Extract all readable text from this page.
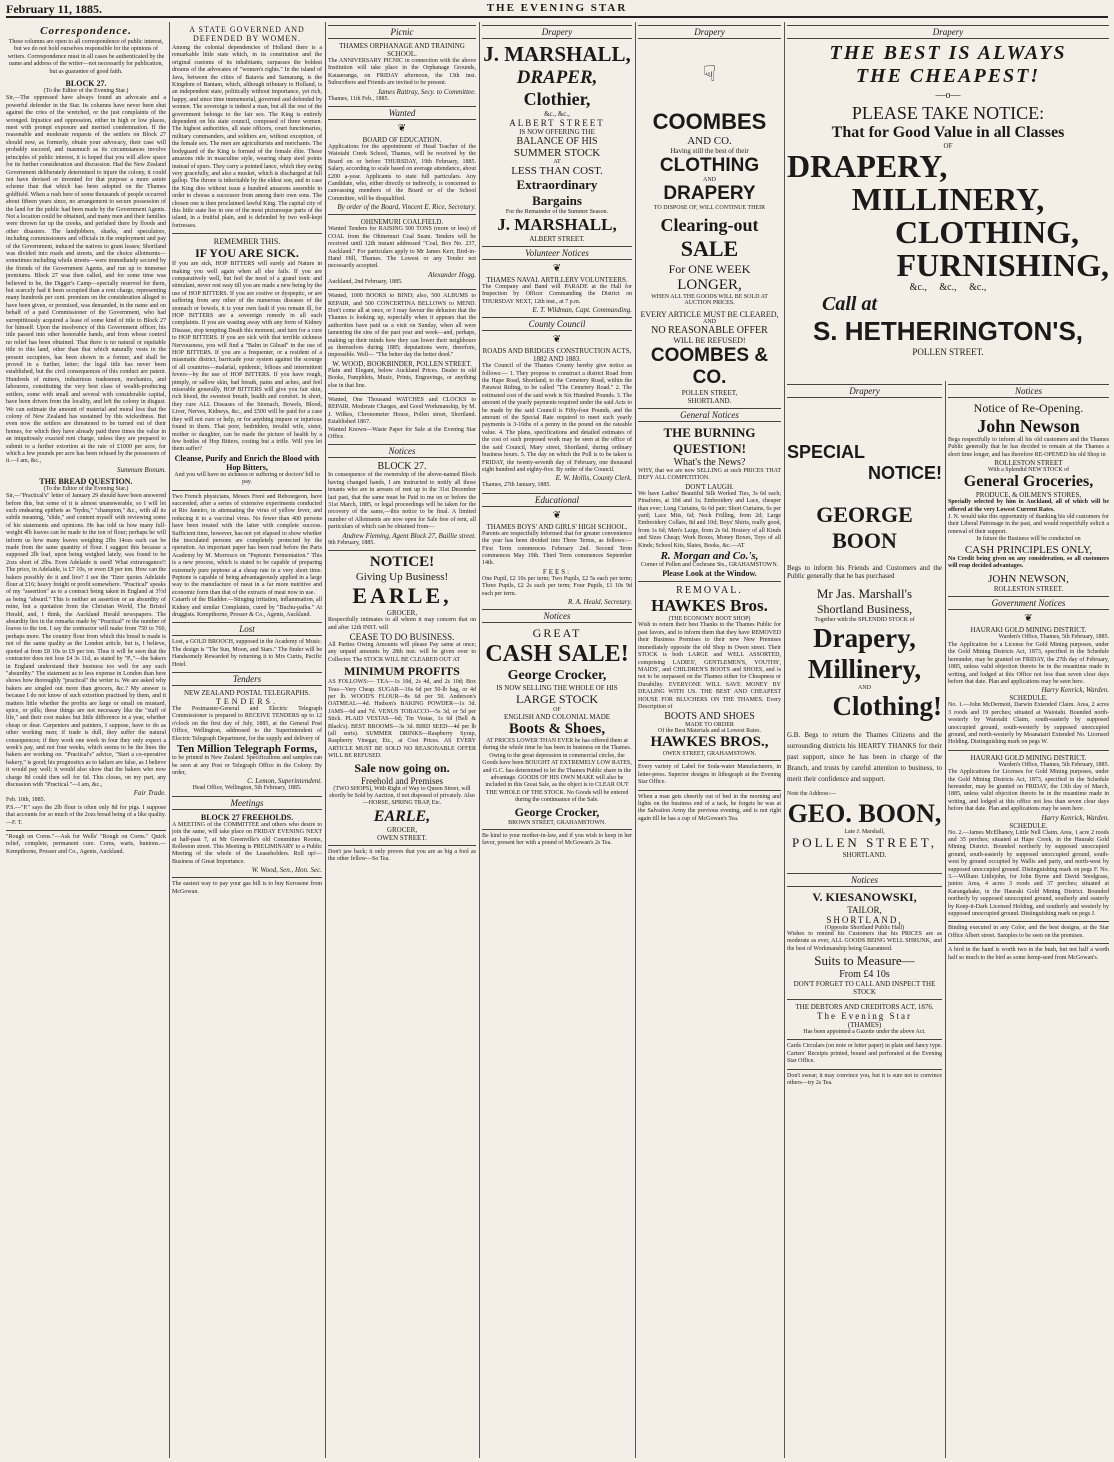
February 11, 1885.	THE EVENING STAR
Correspondence.
These columns are open to all correspondence of public interest, but we do not hold ourselves responsible for the opinions of writers. Correspondence must in all cases be authenticated by the name and address of the writer—not necessarily for publication, but as guarantee of good faith.
BLOCK 27.
(To the Editor of the Evening Star.)
Sir,—The oppressed have always found an advocate and a powerful defender in the Star. Its columns have never been shut against the cries of the wretched, or the just complaints of the wronged. Injustice and oppression, either in high or low places, meet with prompt exposure and merited condemnation. If the reasonable and moderate requests of the settlers on Block 27 should now, as formerly, obtain your advocacy, their case will probably succeed, and inasmuch as its circumstances involve principles of public interest, it is hoped that you will allow space for its further consideration and discussion. Had the New Zealand Government deliberately determined to injure the colony, it could not have devised or invented for that purpose a more astute scheme than that which has been adopted on the Thames goldfield. When a rush here of some thousands of people occurred about fifteen years since, no arrangement to secure possession of the land for the public had been made by the Government Agents. Not a location could be obtained, and many men and their families were thrown far up the creeks, and perished there by floods and other disasters. The landjobbers, sharks, and speculators, including commissioners and officials in the employment and pay of the Government, induced the natives to grant leases; Shortland was divided into roads and streets, and the choice allotments—sometimes including whole streets—were immediately secured by the friends of the Government Agents, and run up to immense premiums. Block 27 was then called, and for some time was believed to be, the Digger's Camp—specially reserved for them, but scarcely had it been occupied than a rent charge, representing many hundreds per cent. premium on the consideration alleged to have been given, or promised, was demanded, in the name and on behalf of a paid Commissioner of the Government, who had surreptitiously acquired a lease of some kind of title to Block 27 for himself. Upon the insolvency of this Government officer, his title passed into other honorable hands, and from whose control no relief has been obtained. That there is no natural or equitable title to this land, other than that which naturally vests in the present occupiers, has been shown in a former, and shall be proved in a further, letter; the legal title has never been established, but the civil consequences of this conduct are patent. Hundreds of miners, industrious tradesmen, mechanics, and labourers, constituting the very best class of wealth-producing settlers, some with small and several with considerable capital, have been driven from the locality, and left the colony in disgust. We can estimate the amount of material and moral loss that the colony of New Zealand has sustained by this wickedness. But even now the settlers are threatened to be turned out of their homes, for which they have already paid three times the value in an iniquitously exacted rent charge, unless they are prepared to submit to a further extortion at the rate of £1000 per acre, for which a few pounds per acre has been refused by the possessors of it.—I am, &c.,
Summum Bonum.
THE BREAD QUESTION.
(To the Editor of the Evening Star.)
Sir,—"Practical's" letter of January 29 should have been answered before this, but some of it is almost unanswerable, so I will let such endearing epithets as "hydra," "champion," &c., with all its subtle meaning, "slide," and content myself with reviewing some of his statements and opinions. He has told us how many full-weight 4lb loaves can be made to the ton of flour; perhaps he will inform us how many loaves weighing 2lbs 14ozs each can be made from the same quantity of flour. I suggest this because a supposed 2lb loaf, upon being weighed lately, was found to be 2ozs short of 2lbs. Even Adelaide is used! What extravagance!! The price, in Adelaide, is £7 10s, or even £8 per ton. How can the bakers possibly do it and live? I see the 'Tizer quotes Adelaide flour at £16; heavy freight or profit somewhere. "Practical" speaks of my "assertion" as to a contract being taken in England at 3½d as being "absurd." This is neither an assertion or an absurdity of mine, but a quotation from the Christian World, The Bristol Herald, and, I think, the Auckland Herald newspapers. The absurdity lies in the remarks made by "Practical" re the number of loaves to the ton. I say the contractor will make from 750 to 760, perhaps more. The country flour from which this bread is made is not of the same quality as the London article, but is, I believe, quoted at from £8 10s to £9 per ton. Thus it will be seen that the contractor does not lose £4 3s 11d, as stated by "P.,"—the bakers in England understand their business too well for any such "absurdity." The statement as to less expense in London than here shows how thoroughly "practical" the writer is. We are asked why bakers are singled out more than grocers, &c.? My answer is because I do not know of such extortion practised by them, and it matters little whether the profits are large or small on mustard, spice, or pills; these things are not necessary like the "staff of life," and their cost makes but little difference in a year, whether cheap or dear. Carpenters and painters, I suppose, have to do as other working men; if trade is dull, they suffer the natural consequences; if they work one week in four they only expect a week's pay, and not four weeks, which seems to be the lines the bakers are working on. "Practical's" advice, "Start a co-operative bakery," is good; his prognostics as to failure are false, as I believe it would pay well; it would also show that the bakers who now charge 8d could then sell for 6d. This closes, on my part, any discussion with "Practical."—I am, &c.,
Fair Trade.
Feb. 10th, 1885.
P.S.—"P." says the 2lb flour is often only 8d for pigs. I suppose that accounts for so much of the 2ozs bread being of a like quality.—F. T.
"Rough on Corns."—Ask for Wells' "Rough on Corns." Quick relief, complete, permanent cure. Corns, warts, bunions.—Kempthorne, Prosser and Co., Agents, Auckland.
A STATE GOVERNED AND DEFENDED BY WOMEN.
Among the colonial dependencies of Holland there is a remarkable little state which, in its constitution and the original customs of its inhabitants, surpasses the boldest dreams of the advocates of "women's rights." In the island of Java, between the cities of Batavia and Samarang, is the Kingdom of Bantam, which, although tributary to Holland, is an independent state, politically without importance, yet rich, happy, and since time immemorial, governed and defended by women. The sovereign is indeed a man, but all the rest of the government belongs to the fair sex. The King is entirely dependent on his state council, composed of three women. The highest authorities, all state officers, court functionaries, military commanders, and soldiers are, without exception, of the female sex. The men are agriculturists and merchants. The bodyguard of the King is formed of the female élite. These amazons ride in masculine style, wearing sharp steel points instead of spurs. They carry a pointed lance, which they swing very gracefully, and also a musket, which is discharged at full gallop. The throne is inheritable by the eldest son, and in case the King dies without issue a hundred amazons assemble in order to choose a successor from among their own sons. The chosen one is then proclaimed lawful King. The capital city of this little state lies in one of the most picturesque parts of the island, in a fruitful plain, and is defended by two well-kept fortresses.
REMEMBER THIS.
IF YOU ARE SICK.
If you are sick, HOP BITTERS will surely aid Nature in making you well again when all else fails. If you are comparatively well, but feel the need of a grand tonic and stimulant, never rest easy till you are made a new being by the use of HOP BITTERS. If you are costive or dyspeptic, or are suffering from any other of the numerous diseases of the stomach or bowels, it is your own fault if you remain ill, for HOP BITTERS are a sovereign remedy in all such complaints. If you are wasting away with any form of Kidney Disease, stop tempting Death this moment, and turn for a cure to HOP BITTERS. If you are sick with that terrible sickness Nervousness, you will find a "Balm in Gilead" in the use of HOP BITTERS. If you are a frequenter, or a resident of a miasmatic district, barricade your system against the scourge of all countries—malarial, epidemic, bilious and intermittent fevers—by the use of HOP BITTERS. If you have rough, pimply, or sallow skin, bad breath, pains and aches, and feel miserable generally, HOP BITTERS will give you fair skin, rich blood, the sweetest breath, health and comfort. In short, they cure ALL Diseases of the Stomach, Bowels, Blood, Liver, Nerves, Kidneys, &c., and £500 will be paid for a case they will not cure or help, or for anything impure or injurious found in them. That poor, bedridden, invalid wife, sister, mother or daughter, can be made the picture of health by a few bottles of Hop Bitters, costing but a trifle. Will you let them suffer?
Cleanse, Purify and Enrich the Blood with Hop Bitters,
And you will have no sickness or suffering or doctors' bill to pay.
Two French physicians, Messrs Freré and Rebourgeon, have succeeded, after a series of extensive experiments conducted at Rio Janeiro, in attenuating the virus of yellow fever, and reducing it to a vaccinal virus. No fewer than 400 persons have been treated with the latter with complete success. Sufficient time, however, has not yet elapsed to show whether the inoculated persons are completely protected by the operation. An important paper has been read before the Paris Academy by M. Morrosco on "Peptonic Fermentation." This is a new process, which is stated to be capable of preparing extremely pure peptone at a cheap rate in a very short time. Peptone is capable of being advantageously applied in a large way to the manufacture of meat in a far more nutritive and economic form than that of the extracts of meat now in use.
Catarrh of the Bladder.—Stinging irritation, inflammation, all Kidney and similar Complaints, cured by "Buchu-paiba." At druggists. Kempthorne, Prosser & Co., Agents, Auckland.
Lost
Lost, a GOLD BROOCH, supposed in the Academy of Music. The design is "The Sun, Moon, and Stars." The finder will be Handsomely Rewarded by returning it to Mrs Curtis, Pacific Hotel.
Tenders
NEW ZEALAND POSTAL TELEGRAPHS.
TENDERS.
The Postmaster-General and Electric Telegraph Commissioner is prepared to RECEIVE TENDERS up to 12 o'clock on the first day of July, 1885, at the General Post Office, Wellington, addressed to the Superintendent of Electric Telegraph Department, for the supply and delivery of
Ten Million Telegraph Forms,
to be printed in New Zealand. Specifications and samples can be seen at any Post or Telegraph Office in the Colony. By order,
C. Lemon, Superintendent.
Head Office, Wellington, 5th February, 1885.
Meetings
BLOCK 27 FREEHOLDS.
A MEETING of the COMMITTEE and others who desire to join the same, will take place on FRIDAY EVENING NEXT at half-past 7, at Mr Greenville's old Committee Rooms, Rolleston street. This Meeting is PRELIMINARY to a Public Meeting of the whole of the Leaseholders. Roll up!—Business of Great Importance.
W. Wood, Sen., Hon. Sec.
The easiest way to pay your gas bill is to buy Kerosene from McGowan.
Picnic
THAMES ORPHANAGE AND TRAINING SCHOOL.
The ANNIVERSARY PICNIC in connection with the above Institution will take place in the Orphanage Grounds, Kauaeranga, on FRIDAY afternoon, the 13th inst. Subscribers and Friends are invited to be present.
James Rattray, Secy. to Committee.
Thames, 11th Feb., 1885.
Wanted
❦
BOARD OF EDUCATION.
Applications for the appointment of Head Teacher of the Waiotahi Creek School, Thames, will be received by the Board on or before THURSDAY, 19th February, 1885. Salary, according to scale based on average attendance, about £200 a-year. Applicants to state full particulars. Any Candidate, who, either directly or indirectly, is concerned to canvassing members of the Board or of the School Committee, will be disqualified.
By order of the Board, Vincent E. Rice, Secretary.
OHINEMURI COALFIELD.
Wanted Tenders for RAISING 500 TONS (more or less) of COAL from the Ohinemuri Coal Seam. Tenders will be received until 12th instant addressed "Coal, Box No. 237, Auckland." For particulars apply to Mr James Kerr, Bird-in-Hand Hill, Thames. The Lowest or any Tender not necessarily accepted.
Alexander Hogg.
Auckland, 2nd February, 1885.
Wanted, 1000 BOOKS to BIND; also, 500 ALBUMS to REPAIR, and 500 CONCERTINA BELLOWS to MEND. Don't come all at once, or I may favour the delusion that the Thames is looking up, especially when it appears that the authorities have paid us a visit on Sunday, when all were lamenting the sins of the past year and week—and, perhaps, making up their minds how they can lower their neighbours as themselves during 1885; deputations were, therefore, impossible. Well— "The better day the better deed."
W. WOOD, BOOKBINDER, POLLEN STREET.
Plain and Elegant, below Auckland Prices. Dealer in old Books, Pamphlets, Music, Prints, Engravings, or anything else in that line.
Wanted, One Thousand WATCHES and CLOCKS to REPAIR. Moderate Charges, and Good Workmanship, by M. J. Wilkes, Chronometer House, Pollen street, Shortland. Established 1867.
Wanted Known—Waste Paper for Sale at the Evening Star Office.
Notices
BLOCK 27.
In consequence of the ownership of the above-named Block having changed hands, I am instructed to notify all those tenants who are in arrears of rent up to the 31st December last past, that the same must be Paid to me on or before the 31st March, 1885, or legal proceedings will be taken for the recovery of the same,—this notice to be final. A limited number of Allotments are now open for Sale free of rent, all particulars of which can be obtained from—
Andrew Fleming, Agent Block 27, Baillie street.
9th February, 1885.
NOTICE!
Giving Up Business!
EARLE,
GROCER,
Respectfully intimates to all whom it may concern that on and after 12th INST. will
CEASE TO DO BUSINESS.
All Parties Owing Amounts will please Pay same at once; any unpaid amounts by 28th inst. will be given over to Collector. The STOCK WILL BE CLEARED OUT AT
MINIMUM PROFITS
AS FOLLOWS:— TEA—1s 10d, 2s 4d, and 2s 10d; Box Teas—Very Cheap. SUGAR—16s 6d per 50-lb bag, or 4d per lb. WOOD'S FLOUR—8s 6d per 50. Anderson's OATMEAL—4d. Hudson's BAKING POWDER—1s 3d. JAMS—6d and 7d. VENUS TOBACCO—5s 3d, or 5d per Stick. PLAID VESTAS—6d; Tin Vestas, 1s 6d (Bell & Black's). BEST BROOMS—3s 3d. BIRD SEED—4d per lb (all sorts). SUMMER DRINKS—Raspberry Syrup, Raspberry Vinegar, Etc., at Cost Prices. AS EVERY ARTICLE MUST BE SOLD NO REASONABLE OFFER WILL BE REFUSED.
Sale now going on.
Freehold and Premises
(TWO SHOPS), With Right of Way to Queen Street, will shortly be Sold by Auction, if not disposed of privately. Also—HORSE, SPRING TRAP, Etc.
EARLE,
GROCER,
OWEN STREET.
Don't jaw back; it only proves that you are as big a fool as the other fellow—So Tea.
Drapery
J. MARSHALL,
DRAPER,
Clothier,
&c., &c.,
ALBERT STREET
IS NOW OFFERING THE
BALANCE OF HIS
SUMMER STOCK
AT
LESS THAN COST.
Extraordinary
Bargains
For the Remainder of the Summer Season.
J. MARSHALL,
ALBERT STREET.
Volunteer Notices
❦
THAMES NAVAL ARTILLERY VOLUNTEERS.
The Company and Band will PARADE at the Hall for Inspection by Officer Commanding the District on THURSDAY NEXT, 12th inst., at 7 p.m.
E. T. Wildman, Capt. Commanding.
County Council
❦
ROADS AND BRIDGES CONSTRUCTION ACTS, 1882 AND 1883.
The Council of the Thames County hereby give notice as follows:— 1. They propose to construct a district Road from the Hape Road, Shortland, to the Cemetery Road, within the Parawai Riding, to be called "The Cemetery Road." 2. The estimated cost of the said work is Six Hundred Pounds. 3. The amount of the yearly payments required under the said Acts to be made by the said Council is Fifty-four Pounds, and the amount of the Special Rate required to meet such yearly payments is 3-16ths of a penny in the pound on the rateable value. 4. The plans, specifications and detailed estimates of the cost of such proposed work may be seen at the office of the said Council, Mary street, Shortland, during ordinary business hours. 5. The day on which the Poll is to be taken is FRIDAY, the twenty-seventh day of February, one thousand eight hundred and eighty-five. By order of the Council.
E. W. Hollis, County Clerk.
Thames, 27th January, 1885.
Educational
❦
THAMES BOYS' AND GIRLS' HIGH SCHOOL.
Parents are respectfully informed that for greater convenience the year has been divided into Three Terms, as follows:— First Term commences February 2nd. Second Term commences May 19th. Third Term commences September 14th.
FEES:
One Pupil, £2 10s per term; Two Pupils, £2 5s each per term; Three Pupils, £2 2s each per term; Four Pupils, £1 10s 9d each per term.
R. A. Heald, Secretary.
Notices
GREAT
CASH SALE!
George Crocker,
IS NOW SELLING THE WHOLE OF HIS
LARGE STOCK
OF
ENGLISH AND COLONIAL MADE
Boots & Shoes,
AT PRICES LOWER THAN EVER he has offered them at during the whole time he has been in business on the Thames. Owing to the great depression in commercial circles, the Goods have been BOUGHT AT EXTREMELY LOW RATES, and G.C. has determined to let the Thames Public share in the advantage. GOODS OF HIS OWN MAKE will also be included in this Great Sale, as the object is to CLEAR OUT THE WHOLE OF THE STOCK. No Goods will be entered during the continuance of the Sale.
George Crocker,
BROWN STREET, GRAHAMSTOWN.
Be kind to your mother-in-law, and if you wish to keep in her favor, present her with a pound of McGowan's 2s Tea.
Drapery
☟
COOMBES
AND CO.
Having still the best of their
CLOTHING
AND
DRAPERY
TO DISPOSE OF, WILL CONTINUE THEIR
Clearing-out
SALE
For ONE WEEK
LONGER,
WHEN ALL THE GOODS WILL BE SOLD AT AUCTION PRICES.
EVERY ARTICLE MUST BE CLEARED,
AND
NO REASONABLE OFFER
WILL BE REFUSED!
COOMBES & CO.
POLLEN STREET,
SHORTLAND.
General Notices
THE BURNING QUESTION!
What's the News?
WHY, that we are now SELLING at such PRICES THAT DEFY ALL COMPETITION.
DON'T LAUGH.
We have Ladies' Beautiful Silk Worked Ties, 3s 6d each; Pinafores, at 10d and 1s; Embroidery and Lace, cheaper than ever; Long Curtains, 6s 6d pair; Short Curtains, 6s per yard; Lace Mits, 6d; Neck Frilling, from 2d; Large Embroidery Collars, 8d and 10d; Boys' Shirts, really good, from 1s 6d; Men's Large, from 2s 6d. Hosiery of all Kinds and Sizes Cheap; Work Boxes, Money Boxes, Toys of all Kinds; School Kits, Slates, Books, &c.—AT
R. Morgan and Co.'s,
Corner of Pollen and Cochrane Sts., GRAHAMSTOWN.
Please Look at the Window.
REMOVAL.
HAWKES Bros.
(THE ECONOMY BOOT SHOP)
Wish to return their best Thanks to the Thames Public for past favors, and to inform them that they have REMOVED their Business Premises to their new New Premises immediately opposite the old Shop in Owen street. Their STOCK is both LARGE and WELL ASSORTED, comprising LADIES', GENTLEMEN'S, YOUTHS', MAIDS', and CHILDREN'S BOOTS and SHOES, and is not to be surpassed on the Thames either for Cheapness or Durability. EVERYONE WILL SAVE MONEY BY DEALING WITH US. THE BEST AND CHEAPEST HOUSE FOR BLUCHERS ON THE THAMES. Every Description of
BOOTS AND SHOES
MADE TO ORDER
Of the Best Materials and at Lowest Rates.
HAWKES BROS.,
OWEN STREET, GRAHAMSTOWN.
Every variety of Label for Soda-water Manufacturers, in letter-press. Superior designs in lithograph at the Evening Star Office.
When a man gets cheerily out of bed in the morning and lights on the business end of a tack, he forgets he was at the Salvation Army the previous evening, and is not right again till he has a cup of McGowan's Tea.
Drapery
THE BEST IS ALWAYS
THE CHEAPEST!
—o—
PLEASE TAKE NOTICE:
That for Good Value in all Classes
OF
DRAPERY,
MILLINERY,
CLOTHING,
FURNISHING,
&c.,     &c.,     &c.,
Call at
S. HETHERINGTON'S,
POLLEN STREET.
Drapery
SPECIAL
NOTICE!
GEORGE BOON
Begs to inform his Friends and Customers and the Public generally that he has purchased
Mr Jas. Marshall's
Shortland Business,
Together with the SPLENDID STOCK of
Drapery,
Millinery,
AND
Clothing!
G.B. Begs to return the Thames Citizens and the surrounding districts his HEARTY THANKS for their past support, since he has been in charge of the Branch, and trusts by careful attention to business, to merit their confidence and support.
Note the Address:—
GEO. BOON,
Late J. Marshall,
POLLEN STREET,
SHORTLAND.
Notices
V. KIESANOWSKI,
TAILOR,
SHORTLAND,
(Opposite Shortland Public Hall)
Wishes to remind his Customers that his PRICES are as moderate as ever, ALL GOODS BEING WELL SHRUNK, and the best of Workmanship being Guaranteed.
Suits to Measure—
From £4 10s
DON'T FORGET TO CALL AND INSPECT THE STOCK
THE DEBTORS AND CREDITORS ACT, 1876.
The Evening Star
(THAMES)
Has been appointed a Gazette under the above Act.
Cards Circulars (on note or letter paper) in plain and fancy type. Carters' Receipts printed, bound and perforated at the Evening Star Office.
Don't swear; it may convince you, but it is sure not to convince others—try 2s Tea.
Notices
Notice of Re-Opening.
John Newson
Begs respectfully to inform all his old customers and the Thames Public generally that he has decided to remain at the Thames a short time longer, and has therefore RE-OPENED his old Shop in
ROLLESTON STREET
With a Splendid NEW STOCK of
General Groceries,
PRODUCE, & OILMEN'S STORES,
Specially selected by him in Auckland, all of which will be offered at the very Lowest Current Rates.
J. N. would take this opportunity of thanking his old customers for their Liberal Patronage in the past, and would respectfully solicit a renewal of their support.
In future the Business will be conducted on
CASH PRINCIPLES ONLY,
No Credit being given on any consideration, so all customers will reap decided advantages.
JOHN NEWSON,
ROLLESTON STREET.
Government Notices
❦
HAURAKI GOLD MINING DISTRICT.
Warden's Office, Thames, 5th February, 1885.
The Application for a License for Gold Mining purposes, under the Gold Mining Districts Act, 1873, specified in the Schedule hereunder, may be granted on FRIDAY, the 27th day of February, 1885, unless valid objection thereto be in the meantime made in writing, and lodged at this Office not less than seven clear days before that date. Plan and applications may be seen here.
Harry Kenrick, Warden.
SCHEDULE.
No. 1.—John McDermott, Darwin Extended Claim. Area, 2 acres 3 roods and 19 perches; situated at Waiotahi. Bounded north-westerly by Waiotahi Claim, south-easterly by supposed unoccupied ground, south-westerly by supposed unoccupied ground, and north-westerly by Moanatairi Extended No. Licensed Holding. Distinguishing mark on pegs W.
HAURAKI GOLD MINING DISTRICT.
Warden's Office, Thames, 5th February, 1885.
The Applications for Licenses for Gold Mining purposes, under the Gold Mining Districts Act, 1873, specified in the Schedule hereunder, may be granted on FRIDAY, the 13th day of March, 1885, unless valid objection thereto be in the meantime made in writing, and lodged at this office not less than seven clear days before that date. Plan and applications may be seen here.
Harry Kenrick, Warden.
SCHEDULE.
No. 2.—James McElhaney, Little Nell Claim. Area, 1 acre 2 roods and 35 perches; situated at Hape Creek, in the Hauraki Gold Mining District. Bounded northerly by supposed unoccupied ground, south-easterly by supposed unoccupied ground, south-west by ground occupied by Wallis and party, and north-west by supposed unoccupied ground. Distinguishing mark on pegs F. No. 3.—William Littlejohn, for John Byrne and David Snodgrass, junior. Area, 4 acres 3 roods and 37 perches; situated at Karangahake, in the Hauraki Gold Mining District. Bounded northerly by supposed unoccupied ground, southerly and easterly by Keep-it-Dark Licensed Holding, and southerly and westerly by supposed unoccupied ground. Distinguishing mark on pegs J.
Binding executed in any Color, and the best designs, at the Star Office Albert street. Samples to be seen on the premises.
A bird in the hand is worth two in the bush, but not half a worth half so much to the bird as some hemp-seed from McGowan's.
